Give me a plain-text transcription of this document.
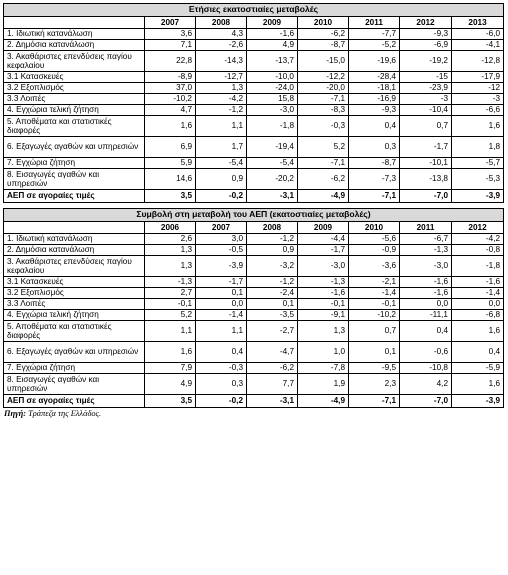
Ετήσιες εκατοστιαίες μεταβολές							
	2007	2008	2009	2010	2011	2012	2013
1. Ιδιωτική κατανάλωση	3,6	4,3	-1,6	-6,2	-7,7	-9,3	-6,0
2. Δημόσια κατανάλωση	7,1	-2,6	4,9	-8,7	-5,2	-6,9	-4,1
3. Ακαθάριστες επενδύσεις παγίου κεφαλαίου	22,8	-14,3	-13,7	-15,0	-19,6	-19,2	-12,8
3.1 Κατασκευές	-8,9	-12,7	-10,0	-12,2	-28,4	-15	-17,9
3.2 Εξοπλισμός	37,0	1,3	-24,0	-20,0	-18,1	-23,9	-12
3.3 Λοιπές	-10,2	-4,2	15,8	-7,1	-16,9	-3	-3
4. Εγχώρια τελική ζήτηση	4,7	-1,2	-3,0	-8,3	-9,3	-10,4	-6,6
5. Αποθέματα και στατιστικές διαφορές	1,6	1,1	-1,8	-0,3	0,4	0,7	1,6
6. Εξαγωγές αγαθών και υπηρεσιών	6,9	1,7	-19,4	5,2	0,3	-1,7	1,8
7. Εγχώρια ζήτηση	5,9	-5,4	-5,4	-7,1	-8,7	-10,1	-5,7
8. Εισαγωγές αγαθών και υπηρεσιών	14,6	0,9	-20,2	-6,2	-7,3	-13,8	-5,3
ΑΕΠ σε αγοραίες τιμές	3,5	-0,2	-3,1	-4,9	-7,1	-7,0	-3,9

Συμβολή στη μεταβολή του ΑΕΠ (εκατοστιαίες μεταβολές)							
	2006	2007	2008	2009	2010	2011	2012
1. Ιδιωτική κατανάλωση	2,6	3,0	-1,2	-4,4	-5,6	-6,7	-4,2
2. Δημόσια κατανάλωση	1,3	-0,5	0,9	-1,7	-0,9	-1,3	-0,8
3. Ακαθάριστες επενδύσεις παγίου κεφαλαίου	1,3	-3,9	-3,2	-3,0	-3,6	-3,0	-1,8
3.1 Κατασκευές	-1,3	-1,7	-1,2	-1,3	-2,1	-1,6	-1,6
3.2 Εξοπλισμός	2,7	0,1	-2,4	-1,6	-1,4	-1,6	-1,4
3.3 Λοιπές	-0,1	0,0	0,1	-0,1	-0,1	0,0	0,0
4. Εγχώρια τελική ζήτηση	5,2	-1,4	-3,5	-9,1	-10,2	-11,1	-6,8
5. Αποθέματα και στατιστικές διαφορές	1,1	1,1	-2,7	1,3	0,7	0,4	1,6
6. Εξαγωγές αγαθών και υπηρεσιών	1,6	0,4	-4,7	1,0	0,1	-0,6	0,4
7. Εγχώρια ζήτηση	7,9	-0,3	-6,2	-7,8	-9,5	-10,8	-5,9
8. Εισαγωγές αγαθών και υπηρεσιών	4,9	0,3	7,7	1,9	2,3	4,2	1,6
ΑΕΠ σε αγοραίες τιμές	3,5	-0,2	-3,1	-4,9	-7,1	-7,0	-3,9
Πηγή: Τράπεζα της Ελλάδος.
